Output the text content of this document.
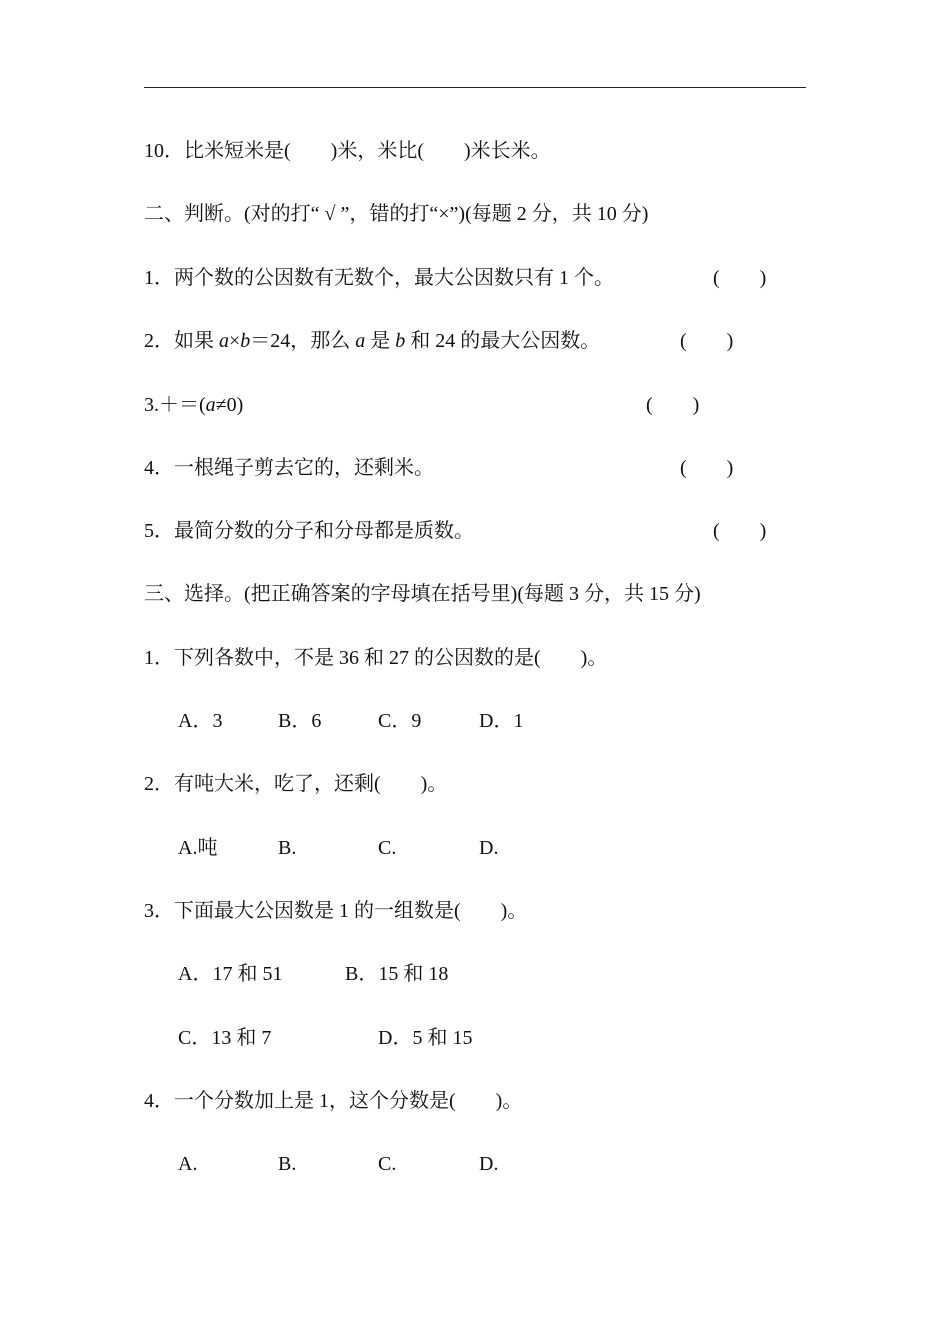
10．比米短米是(　　)米，米比(　　)米长米。
二、判断。(对的打“ √ ”，错的打“×”)(每题 2 分，共 10 分)
1．两个数的公因数有无数个，最大公因数只有 1 个。	(　　)
2．如果 a×b＝24，那么 a 是 b 和 24 的最大公因数。	(　　)
3.＋＝(a≠0)	(　　)
4．一根绳子剪去它的，还剩米。	(　　)
5．最简分数的分子和分母都是质数。	(　　)
三、选择。(把正确答案的字母填在括号里)(每题 3 分，共 15 分)
1．下列各数中，不是 36 和 27 的公因数的是(　　)。
A．3	B．6	C．9	D．1
2．有吨大米，吃了，还剩(　　)。
A.吨	B.	C.	D.
3．下面最大公因数是 1 的一组数是(　　)。
A．17 和 51	B．15 和 18
C．13 和 7	D．5 和 15
4．一个分数加上是 1，这个分数是(　　)。
A.	B.	C.	D.
